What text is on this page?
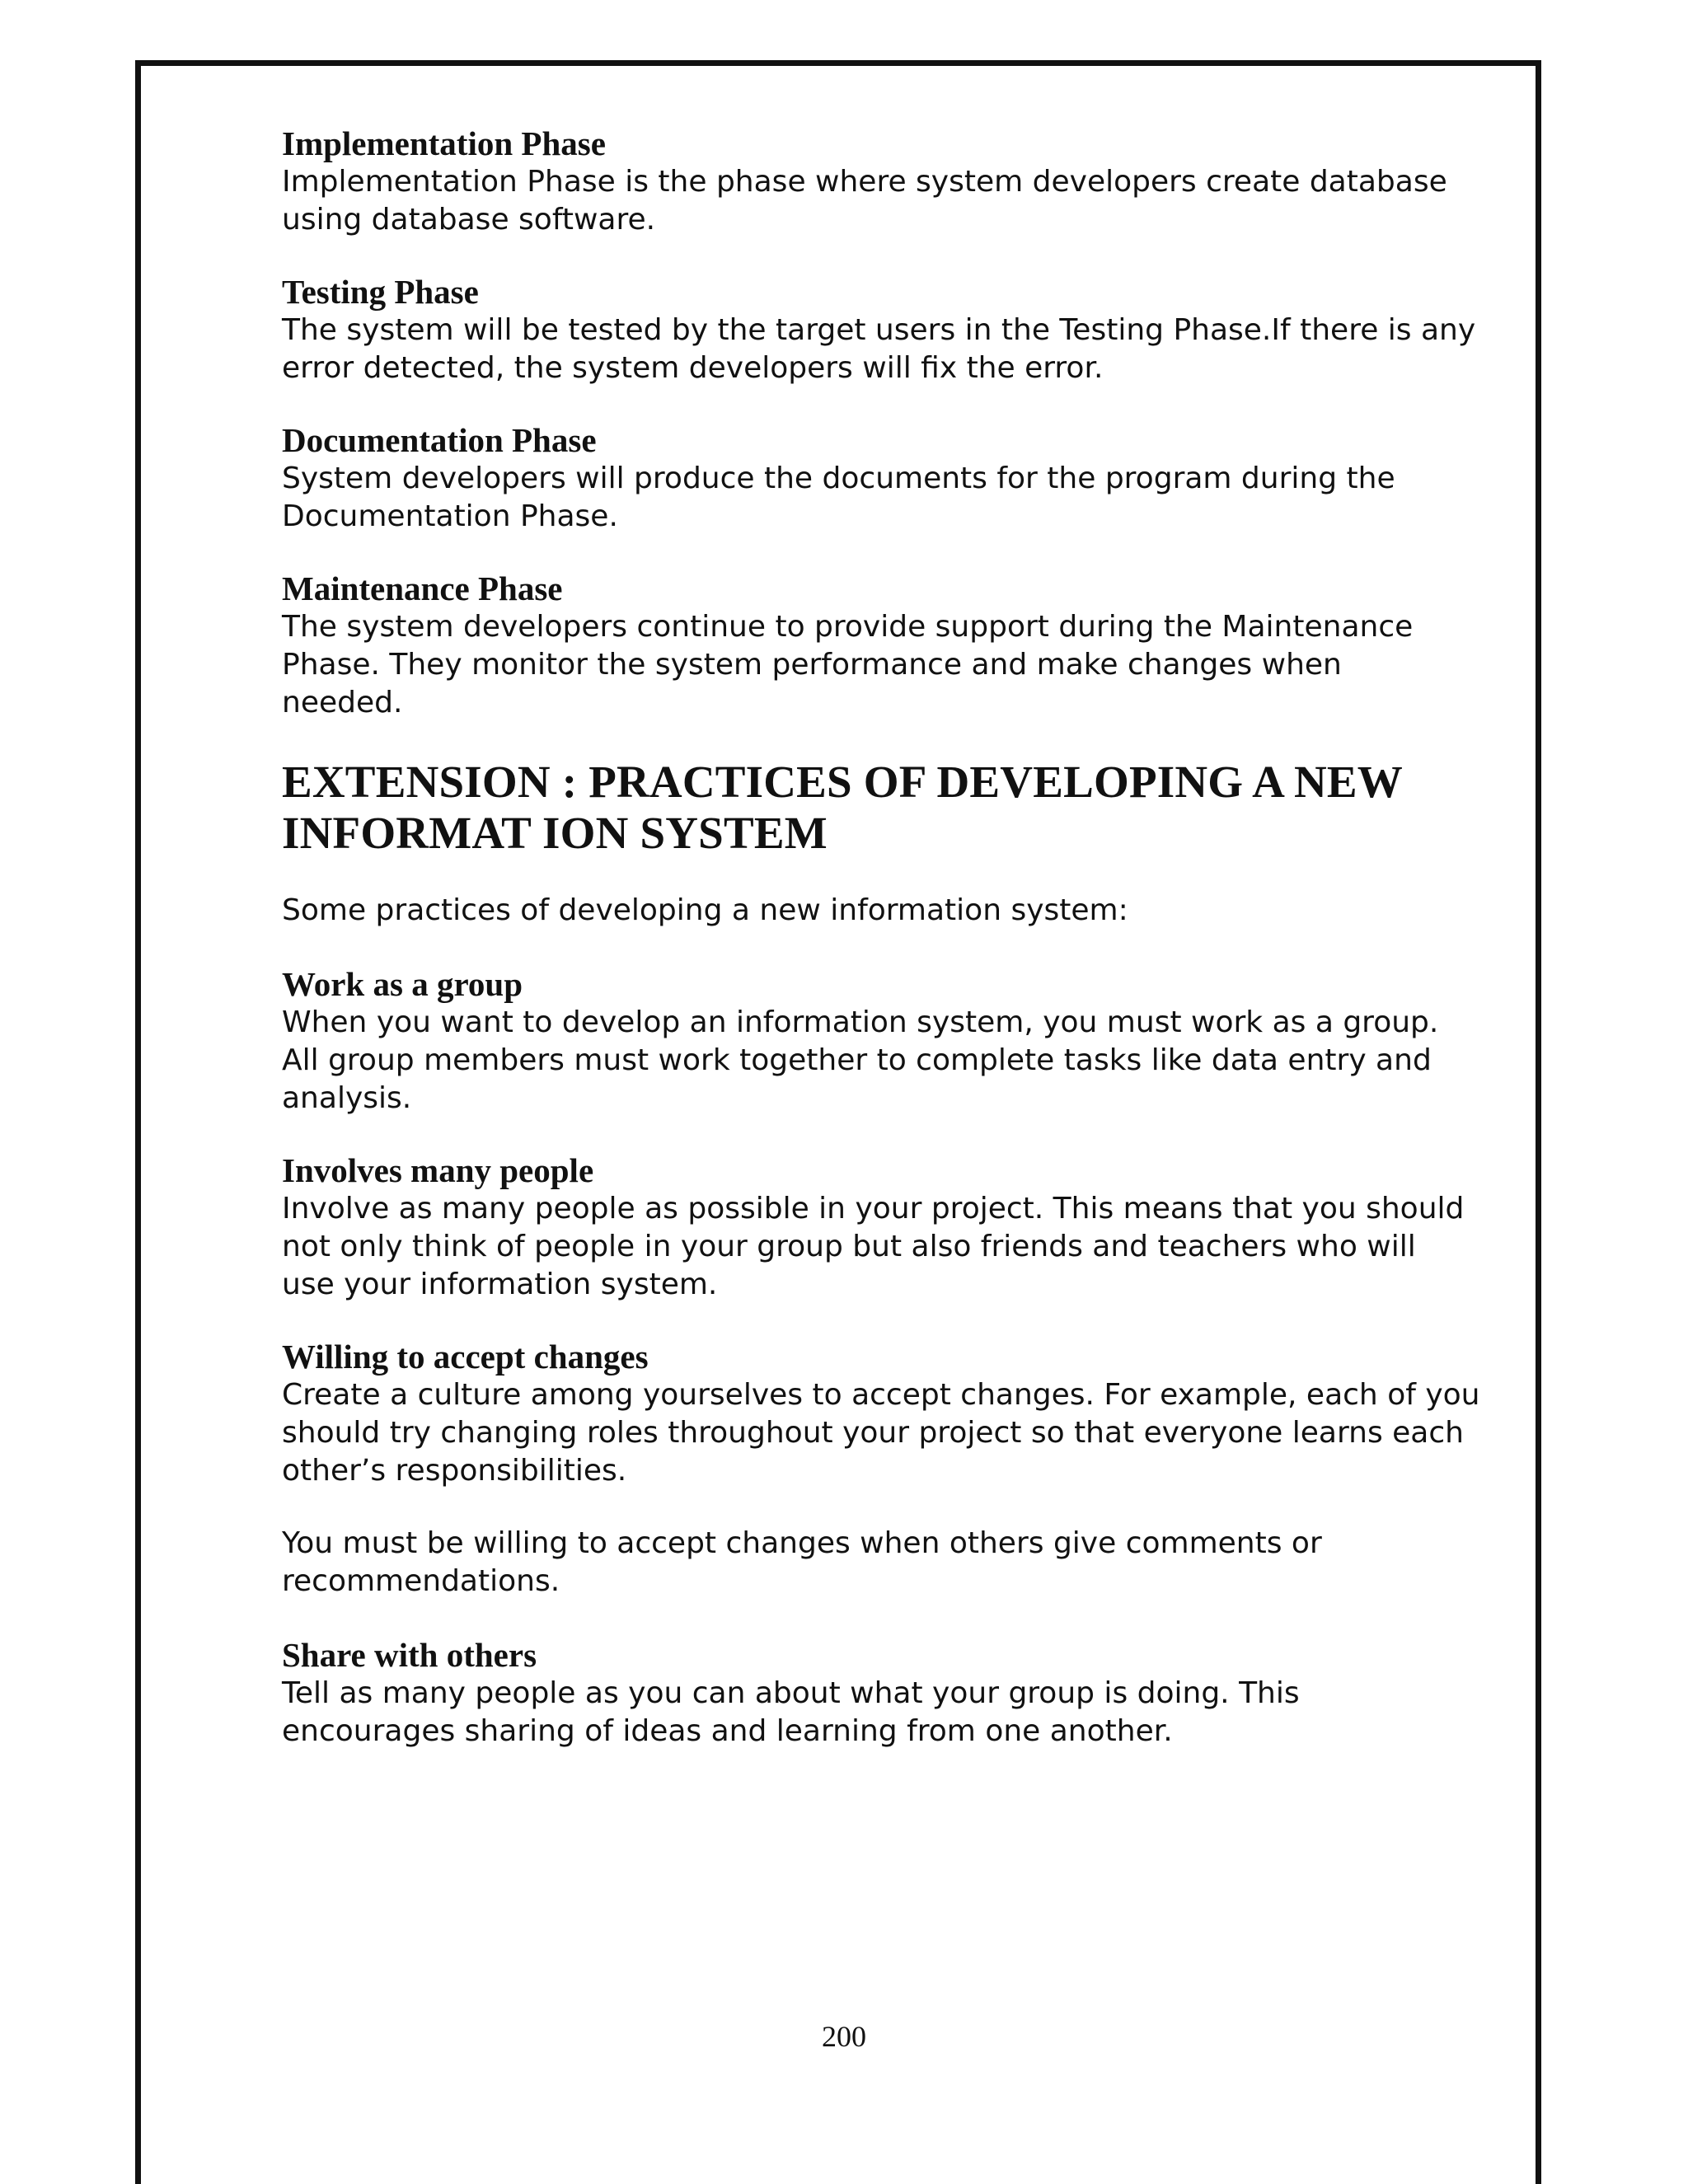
Implementation Phase

Implementation Phase is the phase where system developers create database using database software.

Testing Phase

The system will be tested by the target users in the Testing Phase.If there is any error detected, the system developers will fix the error.

Documentation Phase

System developers will produce the documents for the program during the Documentation Phase.

Maintenance Phase

The system developers continue to provide support during the Maintenance Phase. They monitor the system performance and make changes when needed.

EXTENSION : PRACTICES OF DEVELOPING A NEW

INFORMAT ION SYSTEM

Some practices of developing a new information system:

Work as a group

When you want to develop an information system, you must work as a group. All group members must work together to complete tasks like data entry and analysis.

Involves many people

Involve as many people as possible in your project. This means that you should not only think of people in your group but also friends and teachers who will use your information system.

Willing to accept changes

Create a culture among yourselves to accept changes. For example, each of you should try changing roles throughout your project so that everyone learns each other’s responsibilities.

You must be willing to accept changes when others give comments or recommendations.

Share with others

Tell as many people as you can about what your group is doing. This encourages sharing of ideas and learning from one another.

200
